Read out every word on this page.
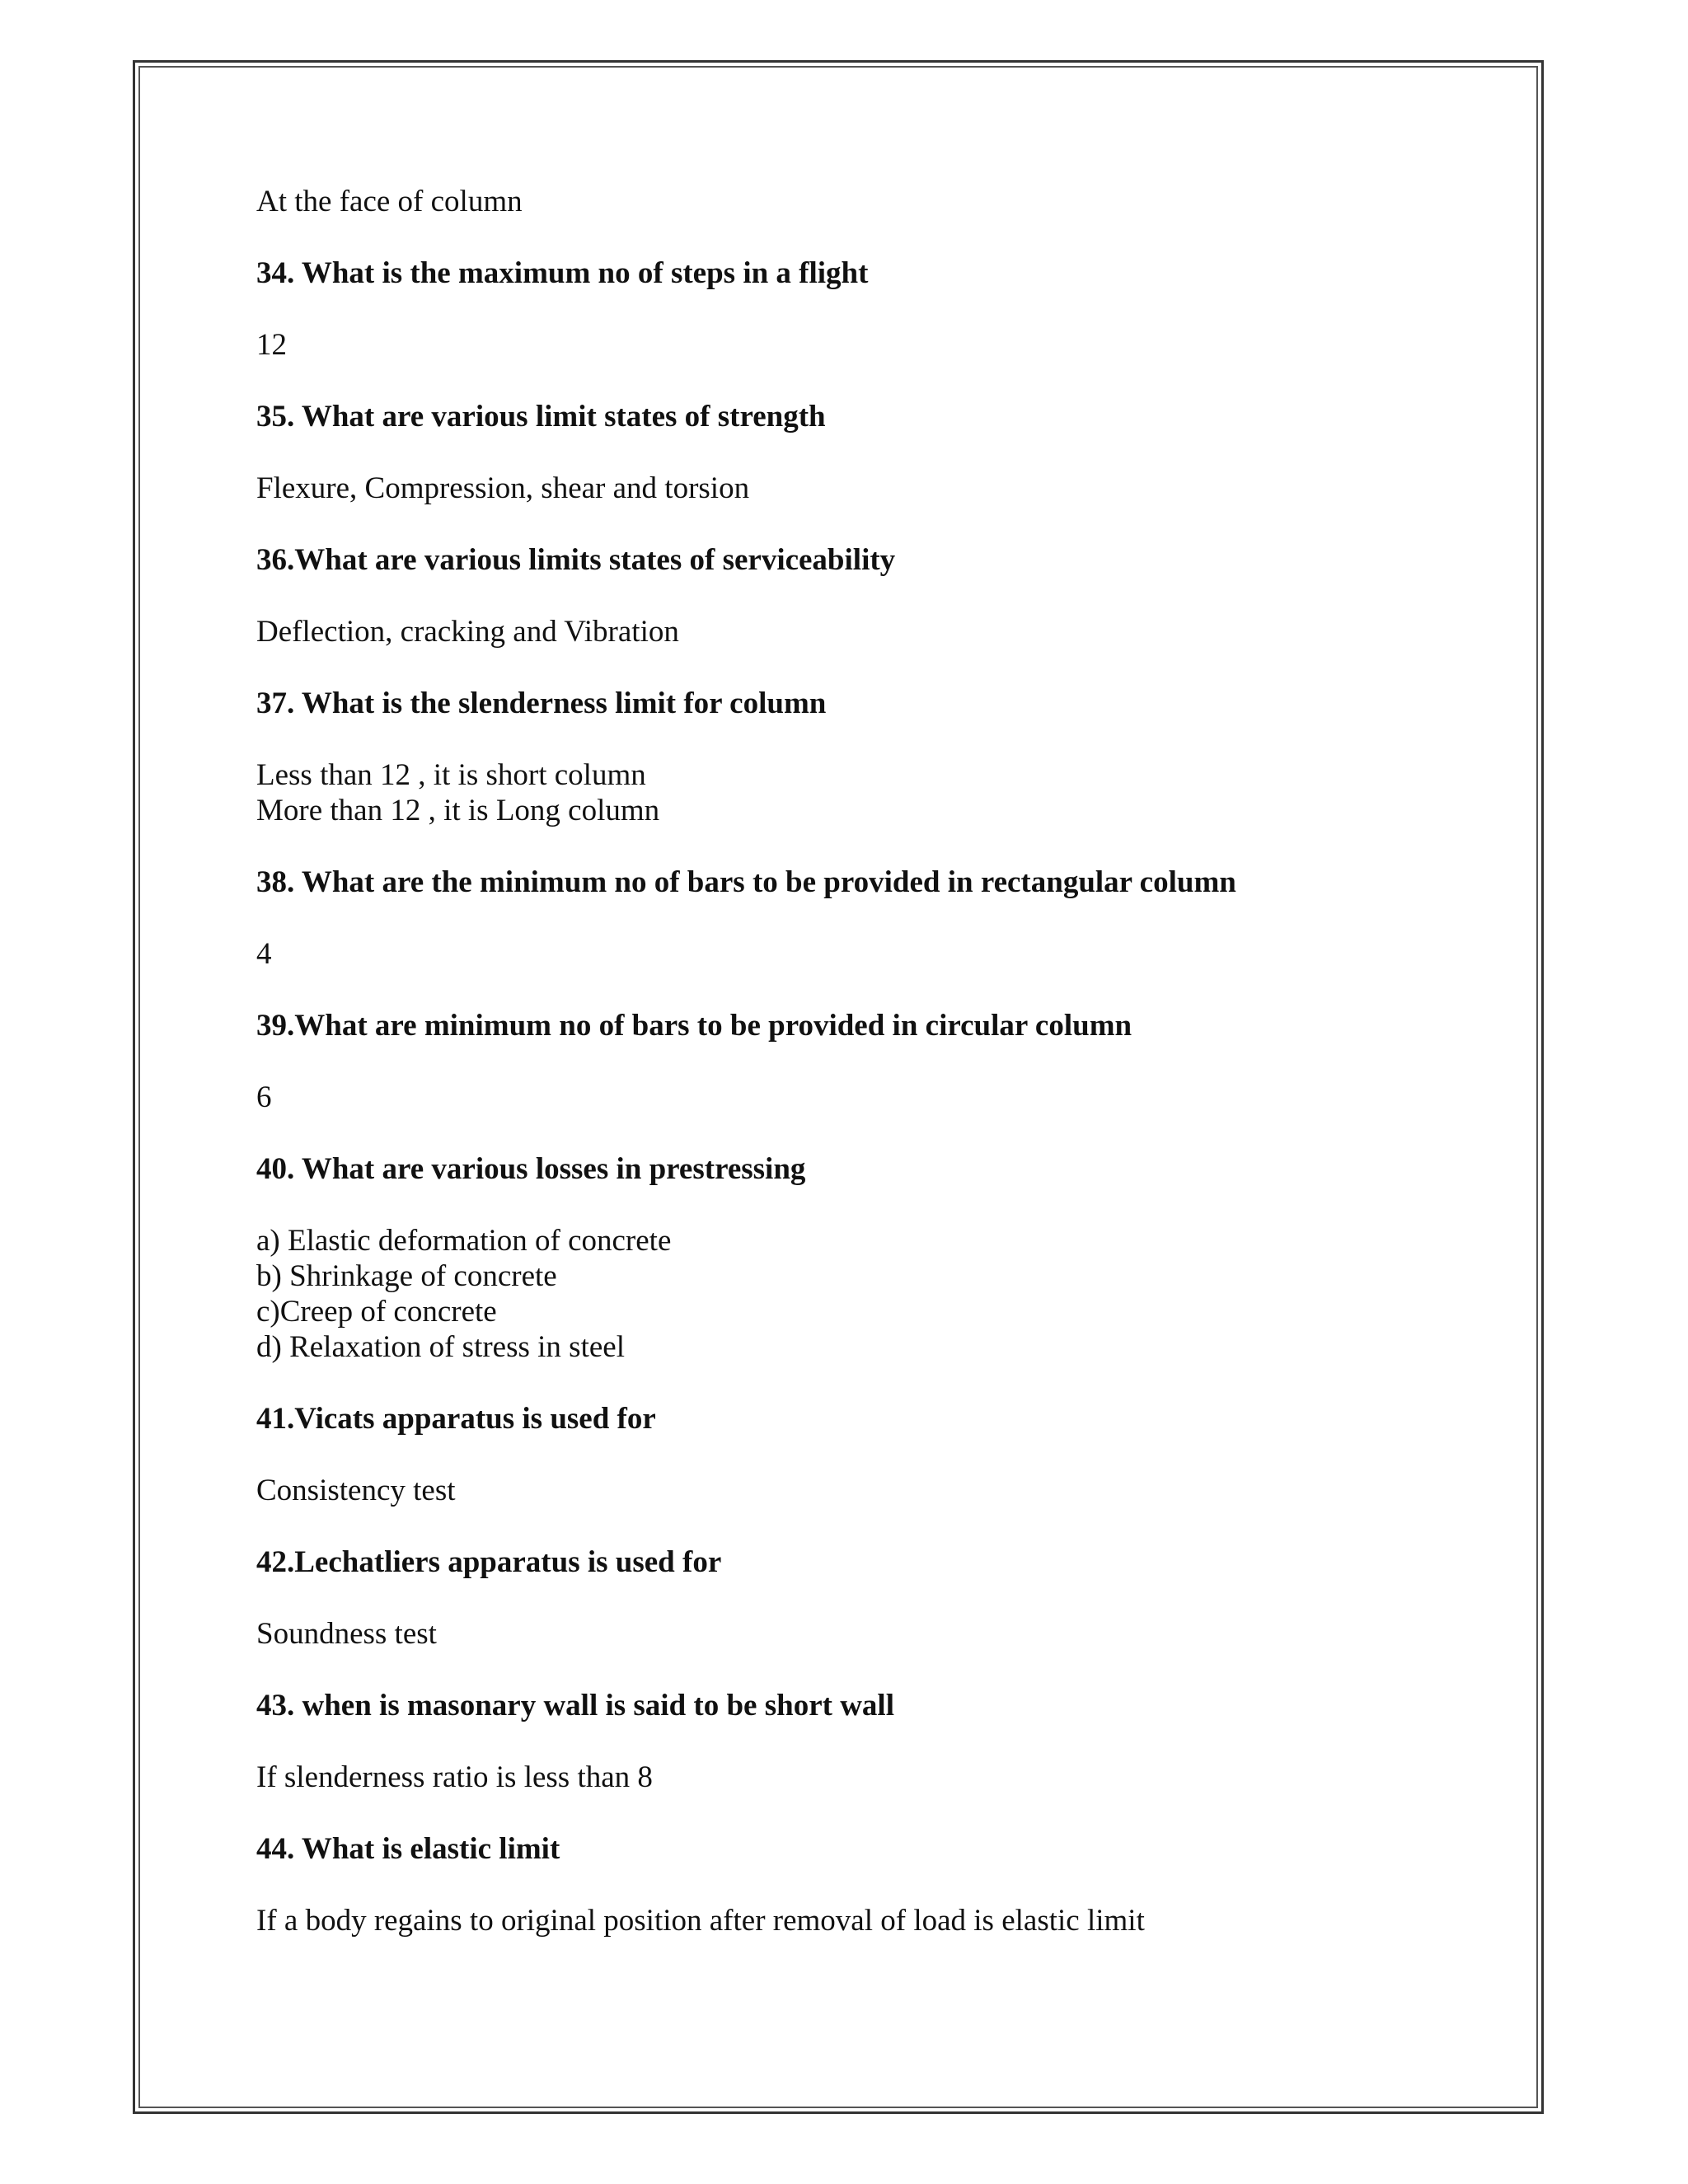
At the face of column

34. What is the maximum no of steps in a flight

12

35. What are various limit states of strength

Flexure, Compression, shear and torsion

36.What are various limits states of serviceability

Deflection, cracking and Vibration

37. What is the slenderness limit for column

Less than 12 , it is short column

More than 12 , it is Long column

38. What are the minimum no of bars to be provided in rectangular column

4

39.What are minimum no of bars to be provided in circular column

6

40. What are various losses in prestressing

a) Elastic deformation of concrete

b) Shrinkage of concrete

c)Creep of concrete

d) Relaxation of stress in steel

41.Vicats apparatus is used for

Consistency test

42.Lechatliers apparatus is used for

Soundness test

43. when is masonary wall is said to be short wall

If slenderness ratio is less than 8

44. What is elastic limit

If a body regains to original position after removal of load is elastic limit
